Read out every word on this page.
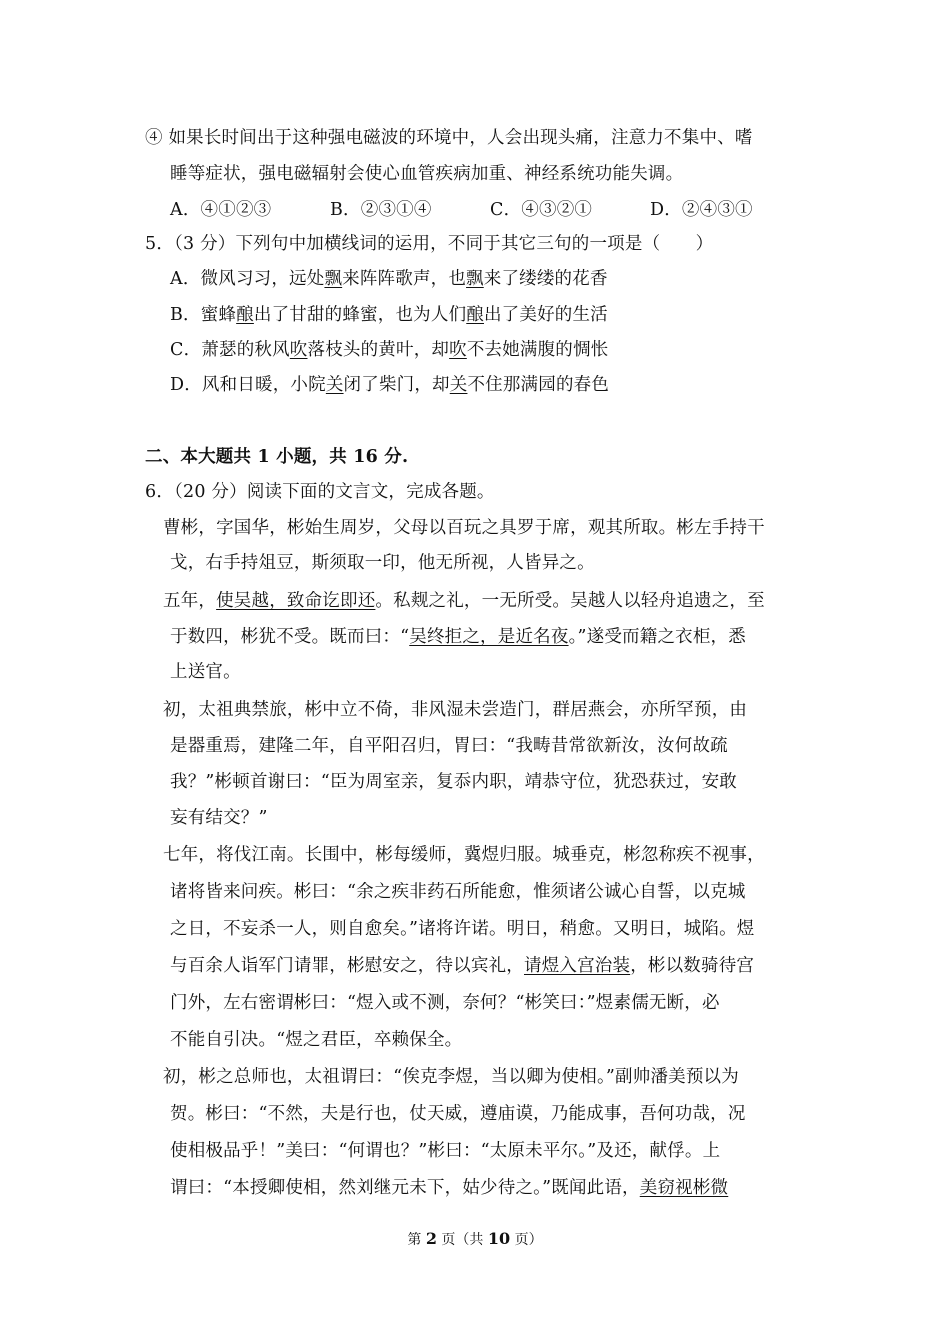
④ 如果长时间出于这种强电磁波的环境中，人会出现头痛，注意力不集中、嗜
睡等症状，强电磁辐射会使心血管疾病加重、神经系统功能失调。
A．④①②③	B．②③①④	C．④③②①	D．②④③①
5．（3 分）下列句中加横线词的运用，不同于其它三句的一项是（　　）
A．微风习习，远处飘来阵阵歌声，也飘来了缕缕的花香
B．蜜蜂酿出了甘甜的蜂蜜，也为人们酿出了美好的生活
C．萧瑟的秋风吹落枝头的黄叶，却吹不去她满腹的惆怅
D．风和日暖，小院关闭了柴门，却关不住那满园的春色
二、本大题共 1 小题，共 16 分.
6．（20 分）阅读下面的文言文，完成各题。
曹彬，字国华，彬始生周岁，父母以百玩之具罗于席，观其所取。彬左手持干
戈，右手持俎豆，斯须取一印，他无所视，人皆异之。
五年，使吴越，致命讫即还。私觌之礼，一无所受。吴越人以轻舟追遗之，至
于数四，彬犹不受。既而曰：“吴终拒之，是近名夜。”遂受而籍之衣柜，悉
上送官。
初，太祖典禁旅，彬中立不倚，非风湿未尝造门，群居燕会，亦所罕预，由
是器重焉，建隆二年，自平阳召归，胃曰：“我畴昔常欲新汝，汝何故疏
我？”彬顿首谢曰：“臣为周室亲，复忝内职，靖恭守位，犹恐获过，安敢
妄有结交？”
七年，将伐江南。长围中，彬每缓师，冀煜归服。城垂克，彬忽称疾不视事，
诸将皆来问疾。彬曰：“余之疾非药石所能愈，惟须诸公诚心自誓，以克城
之日，不妄杀一人，则自愈矣。”诸将许诺。明日，稍愈。又明日，城陷。煜
与百余人诣军门请罪，彬慰安之，待以宾礼，请煜入宫治装，彬以数骑待宫
门外，左右密谓彬曰：“煜入或不测，奈何？“彬笑曰：”煜素儒无断，必
不能自引决。“煜之君臣，卒赖保全。
初，彬之总师也，太祖谓曰：“俟克李煜，当以卿为使相。”副帅潘美预以为
贺。彬曰：“不然，夫是行也，仗天威，遵庙谟，乃能成事，吾何功哉，况
使相极品乎！”美曰：“何谓也？”彬曰：“太原未平尔。”及还，献俘。上
谓曰：“本授卿使相，然刘继元未下，姑少待之。”既闻此语，美窃视彬微
第 2 页（共 10 页）
